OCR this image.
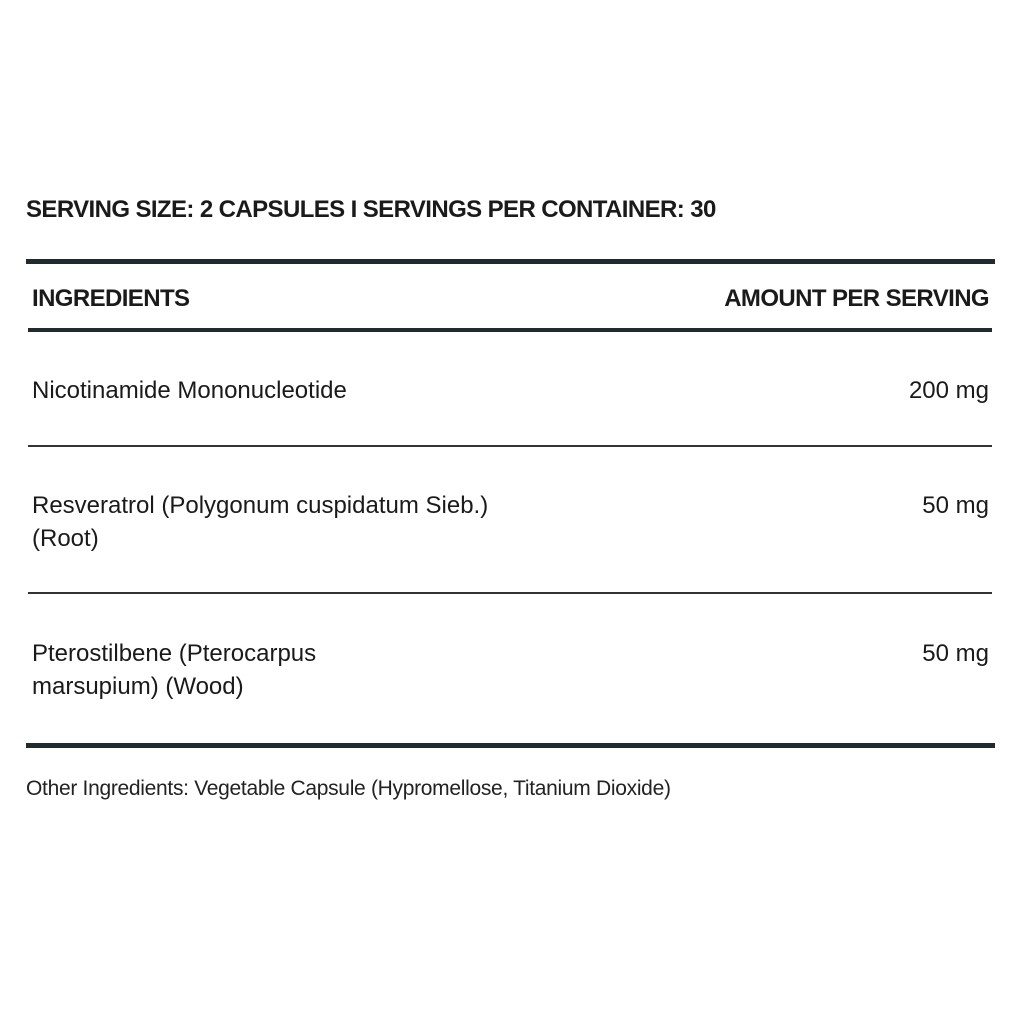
SERVING SIZE: 2 CAPSULES I SERVINGS PER CONTAINER: 30
INGREDIENTS	AMOUNT PER SERVING
Nicotinamide Mononucleotide	200 mg
Resveratrol (Polygonum cuspidatum Sieb.) (Root)
50 mg
Pterostilbene (Pterocarpus marsupium) (Wood)
50 mg
Other Ingredients: Vegetable Capsule (Hypromellose, Titanium Dioxide)
